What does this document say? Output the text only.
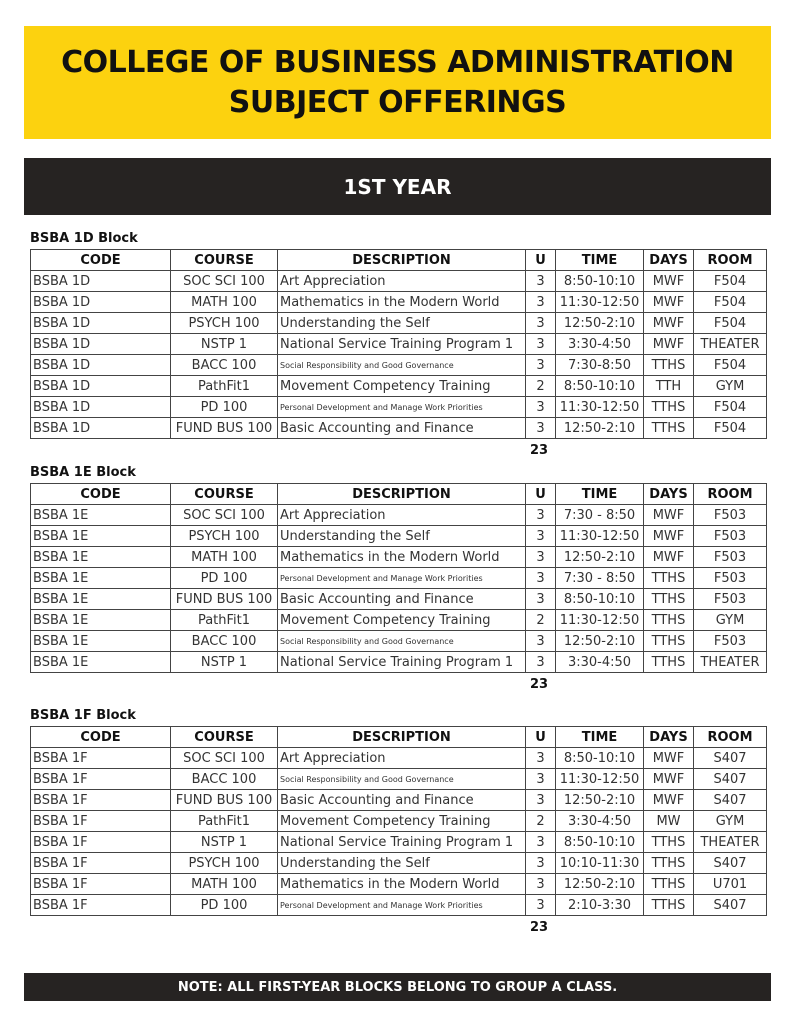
COLLEGE OF BUSINESS ADMINISTRATION
SUBJECT OFFERINGS
1ST YEAR
BSBA 1D Block
CODE	COURSE	DESCRIPTION	U	TIME	DAYS	ROOM
BSBA 1D	SOC SCI 100	Art Appreciation	3	8:50-10:10	MWF	F504
BSBA 1D	MATH 100	Mathematics in the Modern World	3	11:30-12:50	MWF	F504
BSBA 1D	PSYCH 100	Understanding the Self	3	12:50-2:10	MWF	F504
BSBA 1D	NSTP 1	National Service Training Program 1	3	3:30-4:50	MWF	THEATER
BSBA 1D	BACC 100	Social Responsibility and Good Governance	3	7:30-8:50	TTHS	F504
BSBA 1D	PathFit1	Movement Competency Training	2	8:50-10:10	TTH	GYM
BSBA 1D	PD 100	Personal Development and Manage Work Priorities	3	11:30-12:50	TTHS	F504
BSBA 1D	FUND BUS 100	Basic Accounting and Finance	3	12:50-2:10	TTHS	F504
23
BSBA 1E Block
CODE	COURSE	DESCRIPTION	U	TIME	DAYS	ROOM
BSBA 1E	SOC SCI 100	Art Appreciation	3	7:30 - 8:50	MWF	F503
BSBA 1E	PSYCH 100	Understanding the Self	3	11:30-12:50	MWF	F503
BSBA 1E	MATH 100	Mathematics in the Modern World	3	12:50-2:10	MWF	F503
BSBA 1E	PD 100	Personal Development and Manage Work Priorities	3	7:30 - 8:50	TTHS	F503
BSBA 1E	FUND BUS 100	Basic Accounting and Finance	3	8:50-10:10	TTHS	F503
BSBA 1E	PathFit1	Movement Competency Training	2	11:30-12:50	TTHS	GYM
BSBA 1E	BACC 100	Social Responsibility and Good Governance	3	12:50-2:10	TTHS	F503
BSBA 1E	NSTP 1	National Service Training Program 1	3	3:30-4:50	TTHS	THEATER
23
BSBA 1F Block
CODE	COURSE	DESCRIPTION	U	TIME	DAYS	ROOM
BSBA 1F	SOC SCI 100	Art Appreciation	3	8:50-10:10	MWF	S407
BSBA 1F	BACC 100	Social Responsibility and Good Governance	3	11:30-12:50	MWF	S407
BSBA 1F	FUND BUS 100	Basic Accounting and Finance	3	12:50-2:10	MWF	S407
BSBA 1F	PathFit1	Movement Competency Training	2	3:30-4:50	MW	GYM
BSBA 1F	NSTP 1	National Service Training Program 1	3	8:50-10:10	TTHS	THEATER
BSBA 1F	PSYCH 100	Understanding the Self	3	10:10-11:30	TTHS	S407
BSBA 1F	MATH 100	Mathematics in the Modern World	3	12:50-2:10	TTHS	U701
BSBA 1F	PD 100	Personal Development and Manage Work Priorities	3	2:10-3:30	TTHS	S407
23
NOTE: ALL FIRST-YEAR BLOCKS BELONG TO GROUP A CLASS.
